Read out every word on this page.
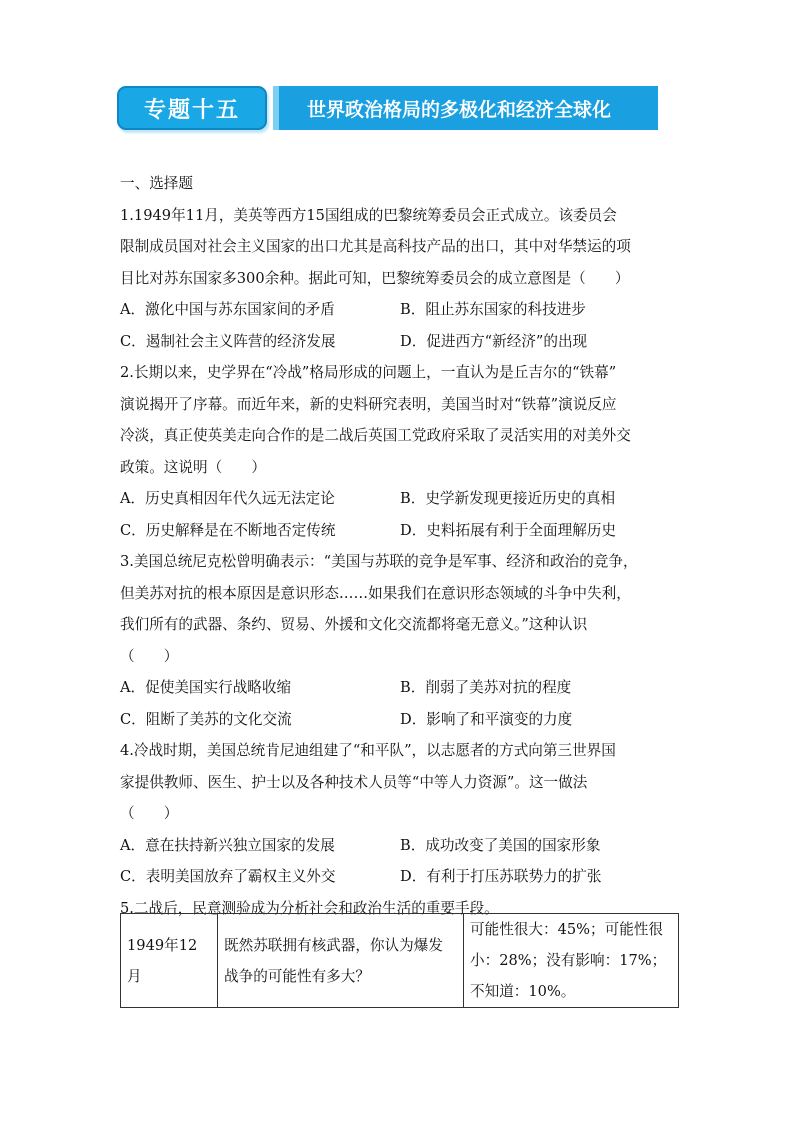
专题十五	世界政治格局的多极化和经济全球化

一、选择题

1.1949年11月，美英等西方15国组成的巴黎统筹委员会正式成立。该委员会

限制成员国对社会主义国家的出口尤其是高科技产品的出口，其中对华禁运的项

目比对苏东国家多300余种。据此可知，巴黎统筹委员会的成立意图是（　　）

A．激化中国与苏东国家间的矛盾	B．阻止苏东国家的科技进步
C．遏制社会主义阵营的经济发展	D．促进西方“新经济”的出现

2.长期以来，史学界在“冷战”格局形成的问题上，一直认为是丘吉尔的“铁幕”

演说揭开了序幕。而近年来，新的史料研究表明，美国当时对“铁幕”演说反应

冷淡，真正使英美走向合作的是二战后英国工党政府采取了灵活实用的对美外交

政策。这说明（　　）

A．历史真相因年代久远无法定论	B．史学新发现更接近历史的真相
C．历史解释是在不断地否定传统	D．史料拓展有利于全面理解历史

3.美国总统尼克松曾明确表示：“美国与苏联的竞争是军事、经济和政治的竞争，

但美苏对抗的根本原因是意识形态……如果我们在意识形态领域的斗争中失利，

我们所有的武器、条约、贸易、外援和文化交流都将毫无意义。”这种认识

（　　）

A．促使美国实行战略收缩	B．削弱了美苏对抗的程度
C．阻断了美苏的文化交流	D．影响了和平演变的力度

4.冷战时期，美国总统肯尼迪组建了“和平队”，以志愿者的方式向第三世界国

家提供教师、医生、护士以及各种技术人员等“中等人力资源”。这一做法

（　　）

A．意在扶持新兴独立国家的发展	B．成功改变了美国的国家形象
C．表明美国放弃了霸权主义外交	D．有利于打压苏联势力的扩张

5.二战后，民意测验成为分析社会和政治生活的重要手段。

1949年12月	既然苏联拥有核武器，你认为爆发战争的可能性有多大？	可能性很大：45%；可能性很小：28%；没有影响：17%；不知道：10%。
